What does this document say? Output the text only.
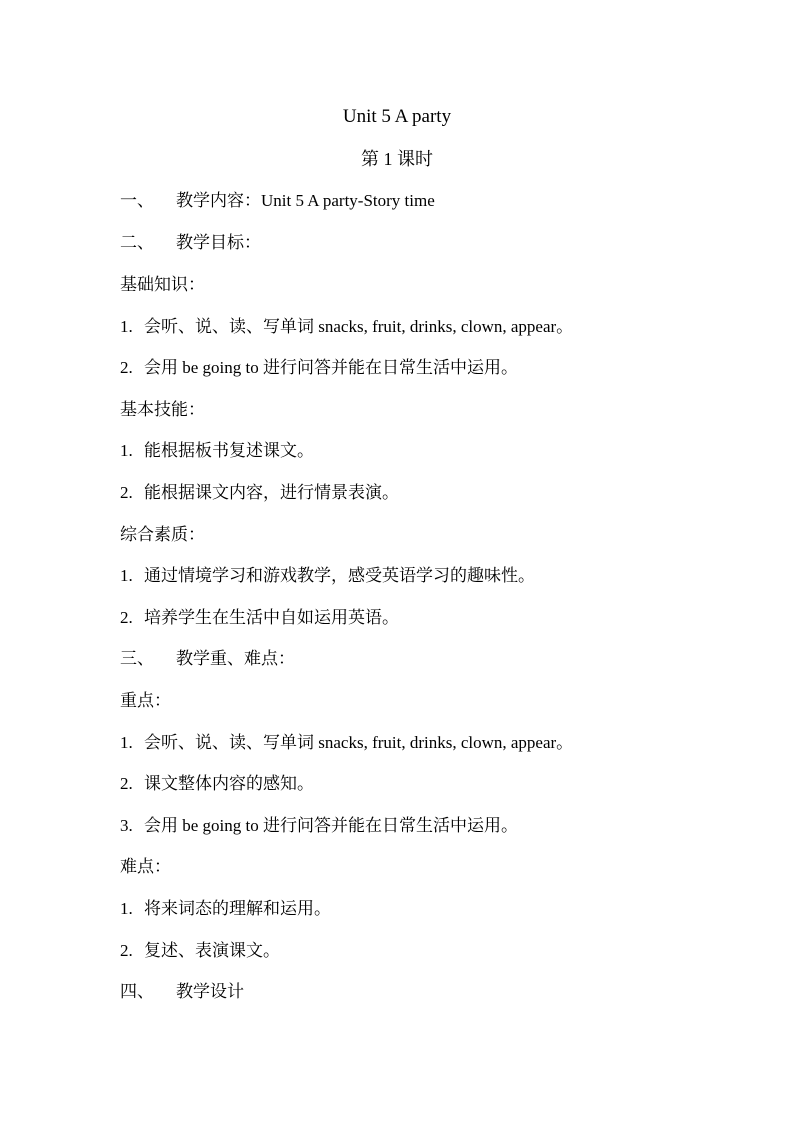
Unit 5 A party
第 1 课时
一、 教学内容：Unit 5 A party-Story time
二、 教学目标：
基础知识：
1. 会听、说、读、写单词 snacks, fruit, drinks, clown, appear。
2. 会用 be going to 进行问答并能在日常生活中运用。
基本技能：
1. 能根据板书复述课文。
2. 能根据课文内容，进行情景表演。
综合素质：
1. 通过情境学习和游戏教学，感受英语学习的趣味性。
2. 培养学生在生活中自如运用英语。
三、 教学重、难点：
重点：
1. 会听、说、读、写单词 snacks, fruit, drinks, clown, appear。
2. 课文整体内容的感知。
3. 会用 be going to 进行问答并能在日常生活中运用。
难点：
1. 将来词态的理解和运用。
2. 复述、表演课文。
四、 教学设计
